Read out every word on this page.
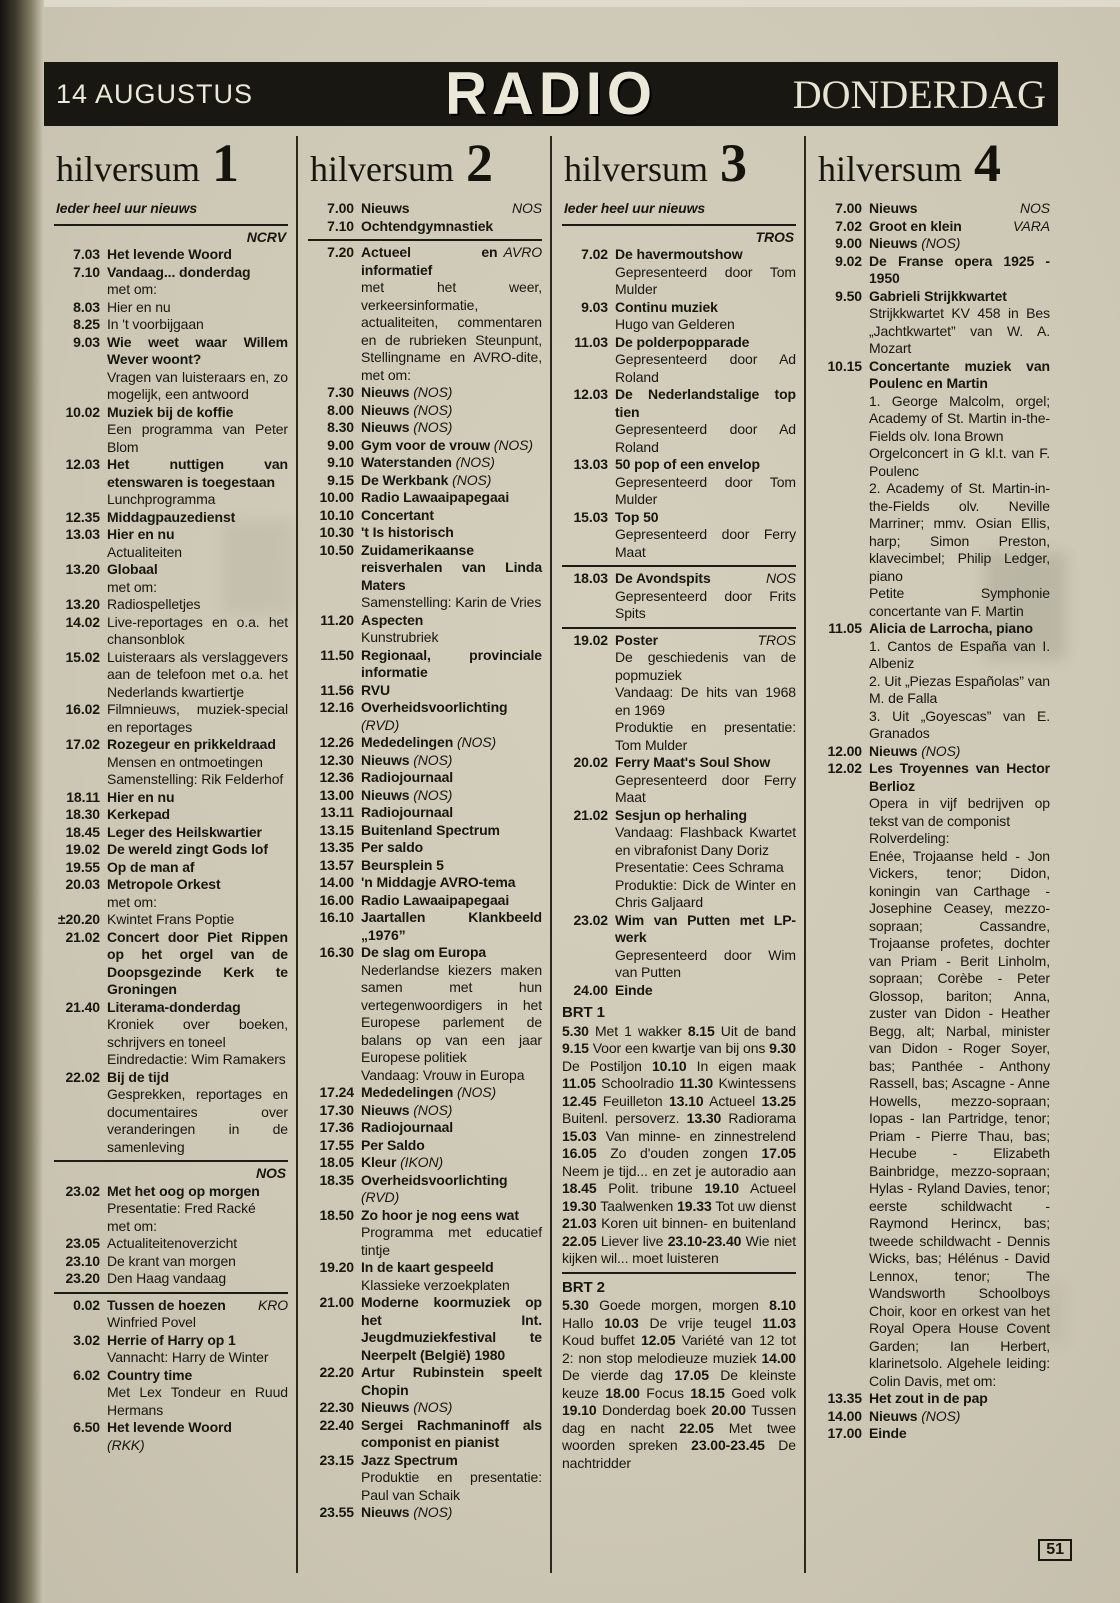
14 AUGUSTUS	RADIO	DONDERDAG
hilversum 1
Ieder heel uur nieuws
NCRV
7.03 Het levende Woord
7.10 Vandaag... donderdag
met om:
8.03 Hier en nu
8.25 In 't voorbijgaan
9.03 Wie weet waar Willem Wever woont?
Vragen van luisteraars en, zo mogelijk, een antwoord
10.02 Muziek bij de koffie
Een programma van Peter Blom
12.03 Het nuttigen van etenswaren is toegestaan
Lunchprogramma
12.35 Middagpauzedienst
13.03 Hier en nu
Actualiteiten
13.20 Globaal
met om:
13.20 Radiospelletjes
14.02 Live-reportages en o.a. het chansonblok
15.02 Luisteraars als verslaggevers aan de telefoon met o.a. het Nederlands kwartiertje
16.02 Filmnieuws, muziek-special en reportages
17.02 Rozegeur en prikkeldraad
Mensen en ontmoetingen
Samenstelling: Rik Felderhof
18.11 Hier en nu
18.30 Kerkepad
18.45 Leger des Heilskwartier
19.02 De wereld zingt Gods lof
19.55 Op de man af
20.03 Metropole Orkest
met om:
±20.20 Kwintet Frans Poptie
21.02 Concert door Piet Rippen op het orgel van de Doopsgezinde Kerk te Groningen
21.40 Literama-donderdag
Kroniek over boeken, schrijvers en toneel
Eindredactie: Wim Ramakers
22.02 Bij de tijd
Gesprekken, reportages en documentaires over veranderingen in de samenleving
NOS
23.02 Met het oog op morgen
Presentatie: Fred Racké
met om:
23.05 Actualiteitenoverzicht
23.10 De krant van morgen
23.20 Den Haag vandaag
0.02	KRO
Tussen de hoezen
Winfried Povel
3.02 Herrie of Harry op 1
Vannacht: Harry de Winter
6.02 Country time
Met Lex Tondeur en Ruud Hermans
6.50 Het levende Woord
(RKK)
hilversum 2
7.00	NOS
Nieuws
7.10 Ochtendgymnastiek
7.20	AVRO
Actueel en informatief
met het weer, verkeersinformatie, actualiteiten, commentaren en de rubrieken Steunpunt, Stellingname en AVRO-dite, met om:
7.30 Nieuws (NOS)
8.00 Nieuws (NOS)
8.30 Nieuws (NOS)
9.00 Gym voor de vrouw (NOS)
9.10 Waterstanden (NOS)
9.15 De Werkbank (NOS)
10.00 Radio Lawaaipapegaai
10.10 Concertant
10.30 't Is historisch
10.50 Zuidamerikaanse reisverhalen van Linda Maters
Samenstelling: Karin de Vries
11.20 Aspecten
Kunstrubriek
11.50 Regionaal, provinciale informatie
11.56 RVU
12.16 Overheidsvoorlichting
(RVD)
12.26 Mededelingen (NOS)
12.30 Nieuws (NOS)
12.36 Radiojournaal
13.00 Nieuws (NOS)
13.11 Radiojournaal
13.15 Buitenland Spectrum
13.35 Per saldo
13.57 Beursplein 5
14.00 'n Middagje AVRO-tema
16.00 Radio Lawaaipapegaai
16.10 Jaartallen Klankbeeld „1976”
16.30 De slag om Europa
Nederlandse kiezers maken samen met hun vertegenwoordigers in het Europese parlement de balans op van een jaar Europese politiek
Vandaag: Vrouw in Europa
17.24 Mededelingen (NOS)
17.30 Nieuws (NOS)
17.36 Radiojournaal
17.55 Per Saldo
18.05 Kleur (IKON)
18.35 Overheidsvoorlichting
(RVD)
18.50 Zo hoor je nog eens wat
Programma met educatief tintje
19.20 In de kaart gespeeld
Klassieke verzoekplaten
21.00 Moderne koormuziek op het Int. Jeugdmuziekfestival te Neerpelt (België) 1980
22.20 Artur Rubinstein speelt Chopin
22.30 Nieuws (NOS)
22.40 Sergei Rachmaninoff als componist en pianist
23.15 Jazz Spectrum
Produktie en presentatie: Paul van Schaik
23.55 Nieuws (NOS)
hilversum 3
Ieder heel uur nieuws
TROS
7.02 De havermoutshow
Gepresenteerd door Tom Mulder
9.03 Continu muziek
Hugo van Gelderen
11.03 De polderpopparade
Gepresenteerd door Ad Roland
12.03 De Nederlandstalige top tien
Gepresenteerd door Ad Roland
13.03 50 pop of een envelop
Gepresenteerd door Tom Mulder
15.03 Top 50
Gepresenteerd door Ferry Maat
18.03	NOS
De Avondspits
Gepresenteerd door Frits Spits
19.02	TROS
Poster
De geschiedenis van de popmuziek
Vandaag: De hits van 1968 en 1969
Produktie en presentatie: Tom Mulder
20.02 Ferry Maat's Soul Show
Gepresenteerd door Ferry Maat
21.02 Sesjun op herhaling
Vandaag: Flashback Kwartet en vibrafonist Dany Doriz
Presentatie: Cees Schrama
Produktie: Dick de Winter en Chris Galjaard
23.02 Wim van Putten met LP-werk
Gepresenteerd door Wim van Putten
24.00 Einde
BRT 1
5.30 Met 1 wakker 8.15 Uit de band 9.15 Voor een kwartje van bij ons 9.30 De Postiljon 10.10 In eigen maak 11.05 Schoolradio 11.30 Kwintessens 12.45 Feuilleton 13.10 Actueel 13.25 Buitenl. persoverz. 13.30 Radiorama 15.03 Van minne- en zinnestrelend 16.05 Zo d'ouden zongen 17.05 Neem je tijd... en zet je autoradio aan 18.45 Polit. tribune 19.10 Actueel 19.30 Taalwenken 19.33 Tot uw dienst 21.03 Koren uit binnen- en buitenland 22.05 Liever live 23.10-23.40 Wie niet kijken wil... moet luisteren
BRT 2
5.30 Goede morgen, morgen 8.10 Hallo 10.03 De vrije teugel 11.03 Koud buffet 12.05 Variété van 12 tot 2: non stop melodieuze muziek 14.00 De vierde dag 17.05 De kleinste keuze 18.00 Focus 18.15 Goed volk 19.10 Donderdag boek 20.00 Tussen dag en nacht 22.05 Met twee woorden spreken 23.00-23.45 De nachtridder
hilversum 4
7.00	NOS
Nieuws
7.02	VARA
Groot en klein
9.00 Nieuws (NOS)
9.02 De Franse opera 1925 - 1950
9.50 Gabrieli Strijkkwartet
Strijkkwartet KV 458 in Bes „Jachtkwartet” van W. A. Mozart
10.15 Concertante muziek van Poulenc en Martin
1. George Malcolm, orgel; Academy of St. Martin in-the-Fields olv. Iona Brown
Orgelconcert in G kl.t. van F. Poulenc
2. Academy of St. Martin-in-the-Fields olv. Neville Marriner; mmv. Osian Ellis, harp; Simon Preston, klavecimbel; Philip Ledger, piano
Petite Symphonie concertante van F. Martin
11.05 Alicia de Larrocha, piano
1. Cantos de España van I. Albeniz
2. Uit „Piezas Españolas” van M. de Falla
3. Uit „Goyescas” van E. Granados
12.00 Nieuws (NOS)
12.02 Les Troyennes van Hector Berlioz
Opera in vijf bedrijven op tekst van de componist
Rolverdeling:
Enée, Trojaanse held - Jon Vickers, tenor; Didon, koningin van Carthage - Josephine Ceasey, mezzo-sopraan; Cassandre, Trojaanse profetes, dochter van Priam - Berit Linholm, sopraan; Corèbe - Peter Glossop, bariton; Anna, zuster van Didon - Heather Begg, alt; Narbal, minister van Didon - Roger Soyer, bas; Panthée - Anthony Rassell, bas; Ascagne - Anne Howells, mezzo-sopraan; Iopas - Ian Partridge, tenor; Priam - Pierre Thau, bas; Hecube - Elizabeth Bainbridge, mezzo-sopraan; Hylas - Ryland Davies, tenor; eerste schildwacht - Raymond Herincx, bas; tweede schildwacht - Dennis Wicks, bas; Hélénus - David Lennox, tenor; The Wandsworth Schoolboys Choir, koor en orkest van het Royal Opera House Covent Garden; Ian Herbert, klarinetsolo. Algehele leiding: Colin Davis, met om:
13.35 Het zout in de pap
14.00 Nieuws (NOS)
17.00 Einde
51
